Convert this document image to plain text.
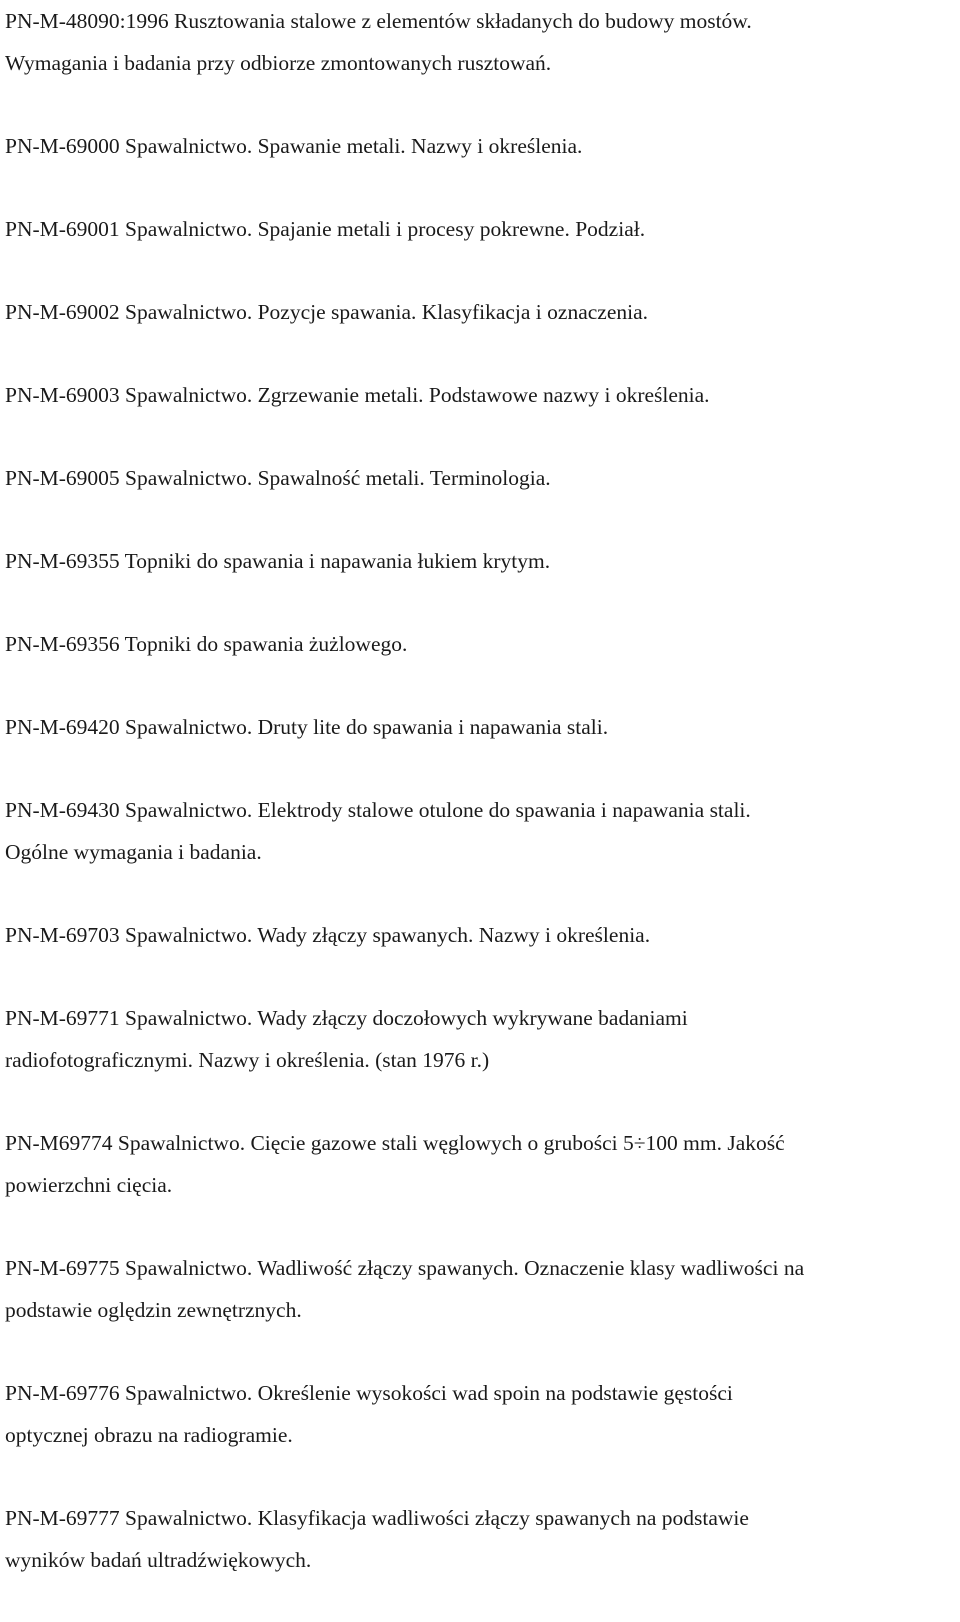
PN-M-48090:1996 Rusztowania stalowe z elementów składanych do budowy mostów.
Wymagania i badania przy odbiorze zmontowanych rusztowań.
PN-M-69000 Spawalnictwo. Spawanie metali. Nazwy i określenia.
PN-M-69001 Spawalnictwo. Spajanie metali i procesy pokrewne. Podział.
PN-M-69002 Spawalnictwo. Pozycje spawania. Klasyfikacja i oznaczenia.
PN-M-69003 Spawalnictwo. Zgrzewanie metali. Podstawowe nazwy i określenia.
PN-M-69005 Spawalnictwo. Spawalność metali. Terminologia.
PN-M-69355 Topniki do spawania i napawania łukiem krytym.
PN-M-69356 Topniki do spawania żużlowego.
PN-M-69420 Spawalnictwo. Druty lite do spawania i napawania stali.
PN-M-69430 Spawalnictwo. Elektrody stalowe otulone do spawania i napawania stali.
Ogólne wymagania i badania.
PN-M-69703 Spawalnictwo. Wady złączy spawanych. Nazwy i określenia.
PN-M-69771 Spawalnictwo. Wady złączy doczołowych wykrywane badaniami
radiofotograficznymi. Nazwy i określenia. (stan 1976 r.)
PN-M69774 Spawalnictwo. Cięcie gazowe stali węglowych o grubości 5÷100 mm. Jakość
powierzchni cięcia.
PN-M-69775 Spawalnictwo. Wadliwość złączy spawanych. Oznaczenie klasy wadliwości na
podstawie oględzin zewnętrznych.
PN-M-69776 Spawalnictwo. Określenie wysokości wad spoin na podstawie gęstości
optycznej obrazu na radiogramie.
PN-M-69777 Spawalnictwo. Klasyfikacja wadliwości złączy spawanych na podstawie
wyników badań ultradźwiękowych.
